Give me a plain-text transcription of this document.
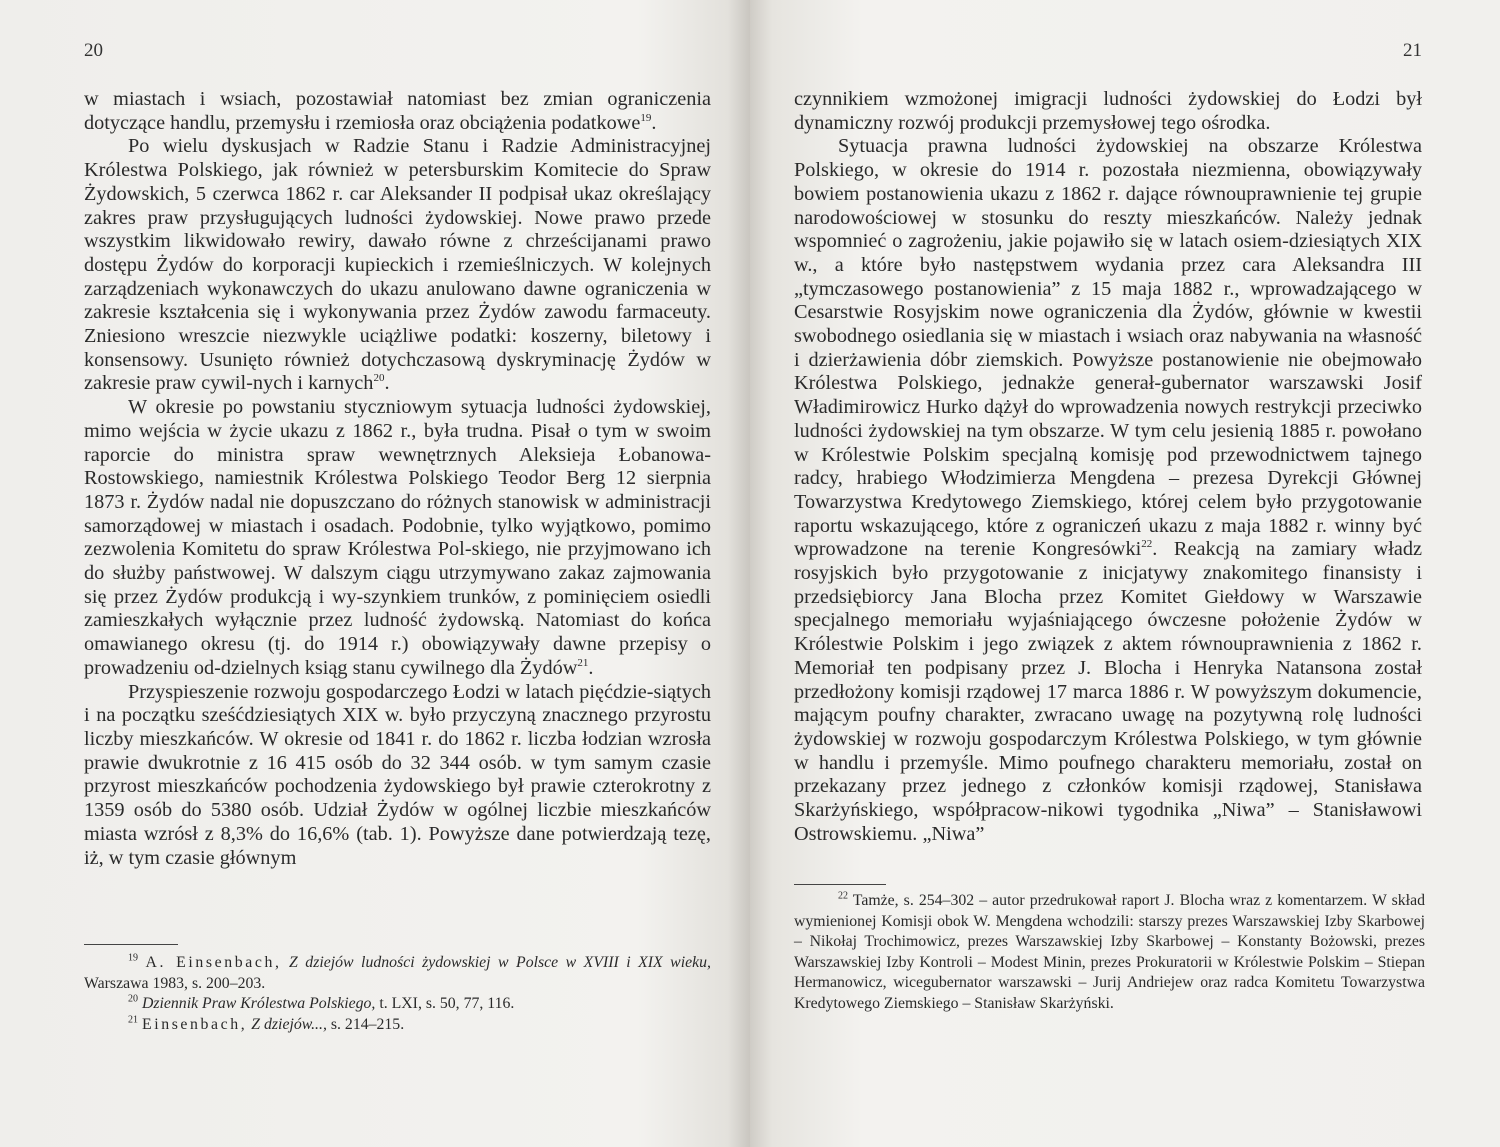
20

w miastach i wsiach, pozostawiał natomiast bez zmian ograniczenia dotyczące handlu, przemysłu i rzemiosła oraz obciążenia podatkowe$^{19}$.

Po wielu dyskusjach w Radzie Stanu i Radzie Administracyjnej Królestwa Polskiego, jak również w petersburskim Komitecie do Spraw Żydowskich, 5 czerwca 1862 r. car Aleksander II podpisał ukaz określający zakres praw przysługujących ludności żydowskiej. Nowe prawo przede wszystkim likwidowało rewiry, dawało równe z chrześcijanami prawo dostępu Żydów do korporacji kupieckich i rzemieślniczych. W kolejnych zarządzeniach wykonawczych do ukazu anulowano dawne ograniczenia w zakresie kształcenia się i wykonywania przez Żydów zawodu farmaceuty. Zniesiono wreszcie niezwykle uciążliwe podatki: koszerny, biletowy i konsensowy. Usunięto również dotychczasową dyskryminację Żydów w zakresie praw cywil-nych i karnych$^{20}$.

W okresie po powstaniu styczniowym sytuacja ludności żydowskiej, mimo wejścia w życie ukazu z 1862 r., była trudna. Pisał o tym w swoim raporcie do ministra spraw wewnętrznych Aleksieja Łobanowa-Rostowskiego, namiestnik Królestwa Polskiego Teodor Berg 12 sierpnia 1873 r. Żydów nadal nie dopuszczano do różnych stanowisk w administracji samorządowej w miastach i osadach. Podobnie, tylko wyjątkowo, pomimo zezwolenia Komitetu do spraw Królestwa Pol-skiego, nie przyjmowano ich do służby państwowej. W dalszym ciągu utrzymywano zakaz zajmowania się przez Żydów produkcją i wy-szynkiem trunków, z pominięciem osiedli zamieszkałych wyłącznie przez ludność żydowską. Natomiast do końca omawianego okresu (tj. do 1914 r.) obowiązywały dawne przepisy o prowadzeniu od-dzielnych ksiąg stanu cywilnego dla Żydów$^{21}$.

Przyspieszenie rozwoju gospodarczego Łodzi w latach pięćdzie-siątych i na początku sześćdziesiątych XIX w. było przyczyną znacznego przyrostu liczby mieszkańców. W okresie od 1841 r. do 1862 r. liczba łodzian wzrosła prawie dwukrotnie z 16 415 osób do 32 344 osób. w tym samym czasie przyrost mieszkańców pochodzenia żydowskiego był prawie czterokrotny z 1359 osób do 5380 osób. Udział Żydów w ogólnej liczbie mieszkańców miasta wzrósł z 8,3% do 16,6% (tab. 1). Powyższe dane potwierdzają tezę, iż, w tym czasie głównym

$^{19}$ A. Einsenbach, Z dziejów ludności żydowskiej w Polsce w XVIII i XIX wieku, Warszawa 1983, s. 200–203.

$^{20}$ Dziennik Praw Królestwa Polskiego, t. LXI, s. 50, 77, 116.

$^{21}$ Einsenbach, Z dziejów..., s. 214–215.

21

czynnikiem wzmożonej imigracji ludności żydowskiej do Łodzi był dynamiczny rozwój produkcji przemysłowej tego ośrodka.

Sytuacja prawna ludności żydowskiej na obszarze Królestwa Polskiego, w okresie do 1914 r. pozostała niezmienna, obowiązywały bowiem postanowienia ukazu z 1862 r. dające równouprawnienie tej grupie narodowościowej w stosunku do reszty mieszkańców. Należy jednak wspomnieć o zagrożeniu, jakie pojawiło się w latach osiem-dziesiątych XIX w., a które było następstwem wydania przez cara Aleksandra III „tymczasowego postanowienia” z 15 maja 1882 r., wprowadzającego w Cesarstwie Rosyjskim nowe ograniczenia dla Żydów, głównie w kwestii swobodnego osiedlania się w miastach i wsiach oraz nabywania na własność i dzierżawienia dóbr ziemskich. Powyższe postanowienie nie obejmowało Królestwa Polskiego, jednakże generał-gubernator warszawski Josif Władimirowicz Hurko dążył do wprowadzenia nowych restrykcji przeciwko ludności żydowskiej na tym obszarze. W tym celu jesienią 1885 r. powołano w Królestwie Polskim specjalną komisję pod przewodnictwem tajnego radcy, hrabiego Włodzimierza Mengdena – prezesa Dyrekcji Głównej Towarzystwa Kredytowego Ziemskiego, której celem było przygotowanie raportu wskazującego, które z ograniczeń ukazu z maja 1882 r. winny być wprowadzone na terenie Kongresówki$^{22}$. Reakcją na zamiary władz rosyjskich było przygotowanie z inicjatywy znakomitego finansisty i przedsiębiorcy Jana Blocha przez Komitet Giełdowy w Warszawie specjalnego memoriału wyjaśniającego ówczesne położenie Żydów w Królestwie Polskim i jego związek z aktem równouprawnienia z 1862 r. Memoriał ten podpisany przez J. Blocha i Henryka Natansona został przedłożony komisji rządowej 17 marca 1886 r. W powyższym dokumencie, mającym poufny charakter, zwracano uwagę na pozytywną rolę ludności żydowskiej w rozwoju gospodarczym Królestwa Polskiego, w tym głównie w handlu i przemyśle. Mimo poufnego charakteru memoriału, został on przekazany przez jednego z członków komisji rządowej, Stanisława Skarżyńskiego, współpracow-nikowi tygodnika „Niwa” – Stanisławowi Ostrowskiemu. „Niwa”

$^{22}$ Tamże, s. 254–302 – autor przedrukował raport J. Blocha wraz z komentarzem. W skład wymienionej Komisji obok W. Mengdena wchodzili: starszy prezes Warszawskiej Izby Skarbowej – Nikołaj Trochimowicz, prezes Warszawskiej Izby Skarbowej – Konstanty Bożowski, prezes Warszawskiej Izby Kontroli – Modest Minin, prezes Prokuratorii w Królestwie Polskim – Stiepan Hermanowicz, wicegubernator warszawski – Jurij Andriejew oraz radca Komitetu Towarzystwa Kredytowego Ziemskiego – Stanisław Skarżyński.
